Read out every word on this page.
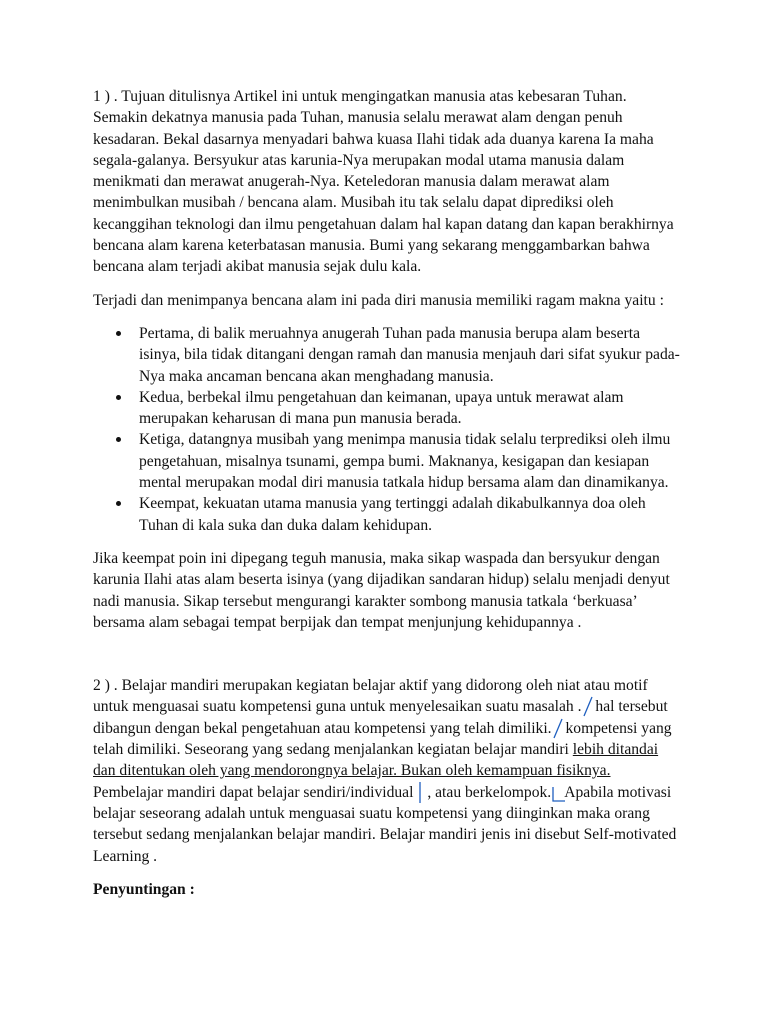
1 ) . Tujuan ditulisnya Artikel ini untuk mengingatkan manusia atas kebesaran Tuhan. Semakin dekatnya manusia pada Tuhan, manusia selalu merawat alam dengan penuh kesadaran. Bekal dasarnya menyadari bahwa kuasa Ilahi tidak ada duanya karena Ia maha segala-galanya. Bersyukur atas karunia-Nya merupakan modal utama manusia dalam menikmati dan merawat anugerah-Nya. Keteledoran manusia dalam merawat alam menimbulkan musibah / bencana alam. Musibah itu tak selalu dapat diprediksi oleh kecanggihan teknologi dan ilmu pengetahuan dalam hal kapan datang dan kapan berakhirnya bencana alam karena keterbatasan manusia. Bumi yang sekarang menggambarkan bahwa bencana alam terjadi akibat manusia sejak dulu kala.

Terjadi dan menimpanya bencana alam ini pada diri manusia memiliki ragam makna yaitu :

Pertama, di balik meruahnya anugerah Tuhan pada manusia berupa alam beserta isinya, bila tidak ditangani dengan ramah dan manusia menjauh dari sifat syukur pada-Nya maka ancaman bencana akan menghadang manusia.
Kedua, berbekal ilmu pengetahuan dan keimanan, upaya untuk merawat alam merupakan keharusan di mana pun manusia berada.
Ketiga, datangnya musibah yang menimpa manusia tidak selalu terprediksi oleh ilmu pengetahuan, misalnya tsunami, gempa bumi. Maknanya, kesigapan dan kesiapan mental merupakan modal diri manusia tatkala hidup bersama alam dan dinamikanya.
Keempat, kekuatan utama manusia yang tertinggi adalah dikabulkannya doa oleh Tuhan di kala suka dan duka dalam kehidupan.

Jika keempat poin ini dipegang teguh manusia, maka sikap waspada dan bersyukur dengan karunia Ilahi atas alam beserta isinya (yang dijadikan sandaran hidup) selalu menjadi denyut nadi manusia. Sikap tersebut mengurangi karakter sombong manusia tatkala ‘berkuasa’ bersama alam sebagai tempat berpijak dan tempat menjunjung kehidupannya .

2 ) . Belajar mandiri merupakan kegiatan belajar aktif yang didorong oleh niat atau motif untuk menguasai suatu kompetensi guna untuk menyelesaikan suatu masalah .
hal tersebut dibangun dengan bekal pengetahuan atau kompetensi yang telah dimiliki.
kompetensi yang telah dimiliki. Seseorang yang sedang menjalankan kegiatan belajar mandiri lebih ditandai dan ditentukan oleh yang mendorongnya belajar. Bukan oleh kemampuan fisiknya. Pembelajar mandiri dapat belajar sendiri/individual
, atau berkelompok.
Apabila motivasi belajar seseorang adalah untuk menguasai suatu kompetensi yang diinginkan maka orang tersebut sedang menjalankan belajar mandiri. Belajar mandiri jenis ini disebut Self-motivated Learning .

Penyuntingan :
